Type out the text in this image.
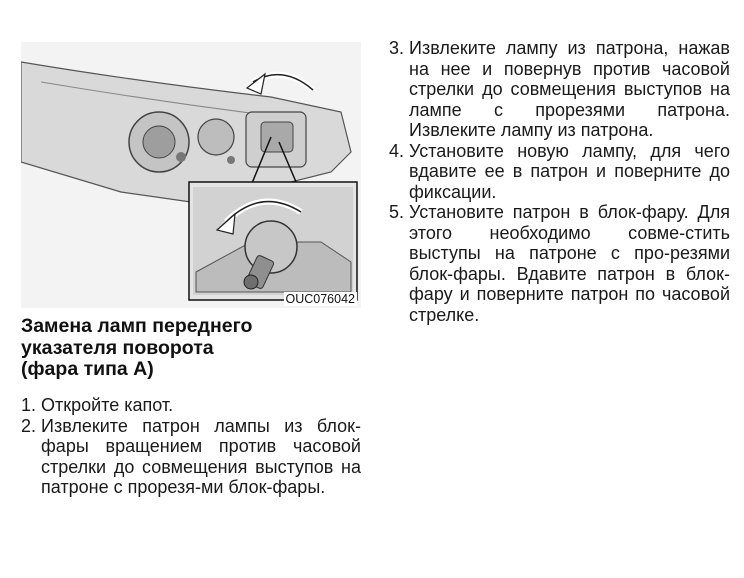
OUC076042
Замена ламп переднего
указателя поворота
(фара типа А)
1. Откройте капот.
2. Извлеките патрон лампы из блок-фары вращением против часовой стрелки до совмещения выступов на патроне с прорезя-ми блок-фары.
3. Извлеките лампу из патрона, нажав на нее и повернув против часовой стрелки до совмещения выступов на лампе с прорезями патрона. Извлеките лампу из патрона.
4. Установите новую лампу, для чего вдавите ее в патрон и поверните до фиксации.
5. Установите патрон в блок-фару. Для этого необходимо совме-стить выступы на патроне с про-резями блок-фары. Вдавите патрон в блок-фару и поверните патрон по часовой стрелке.
